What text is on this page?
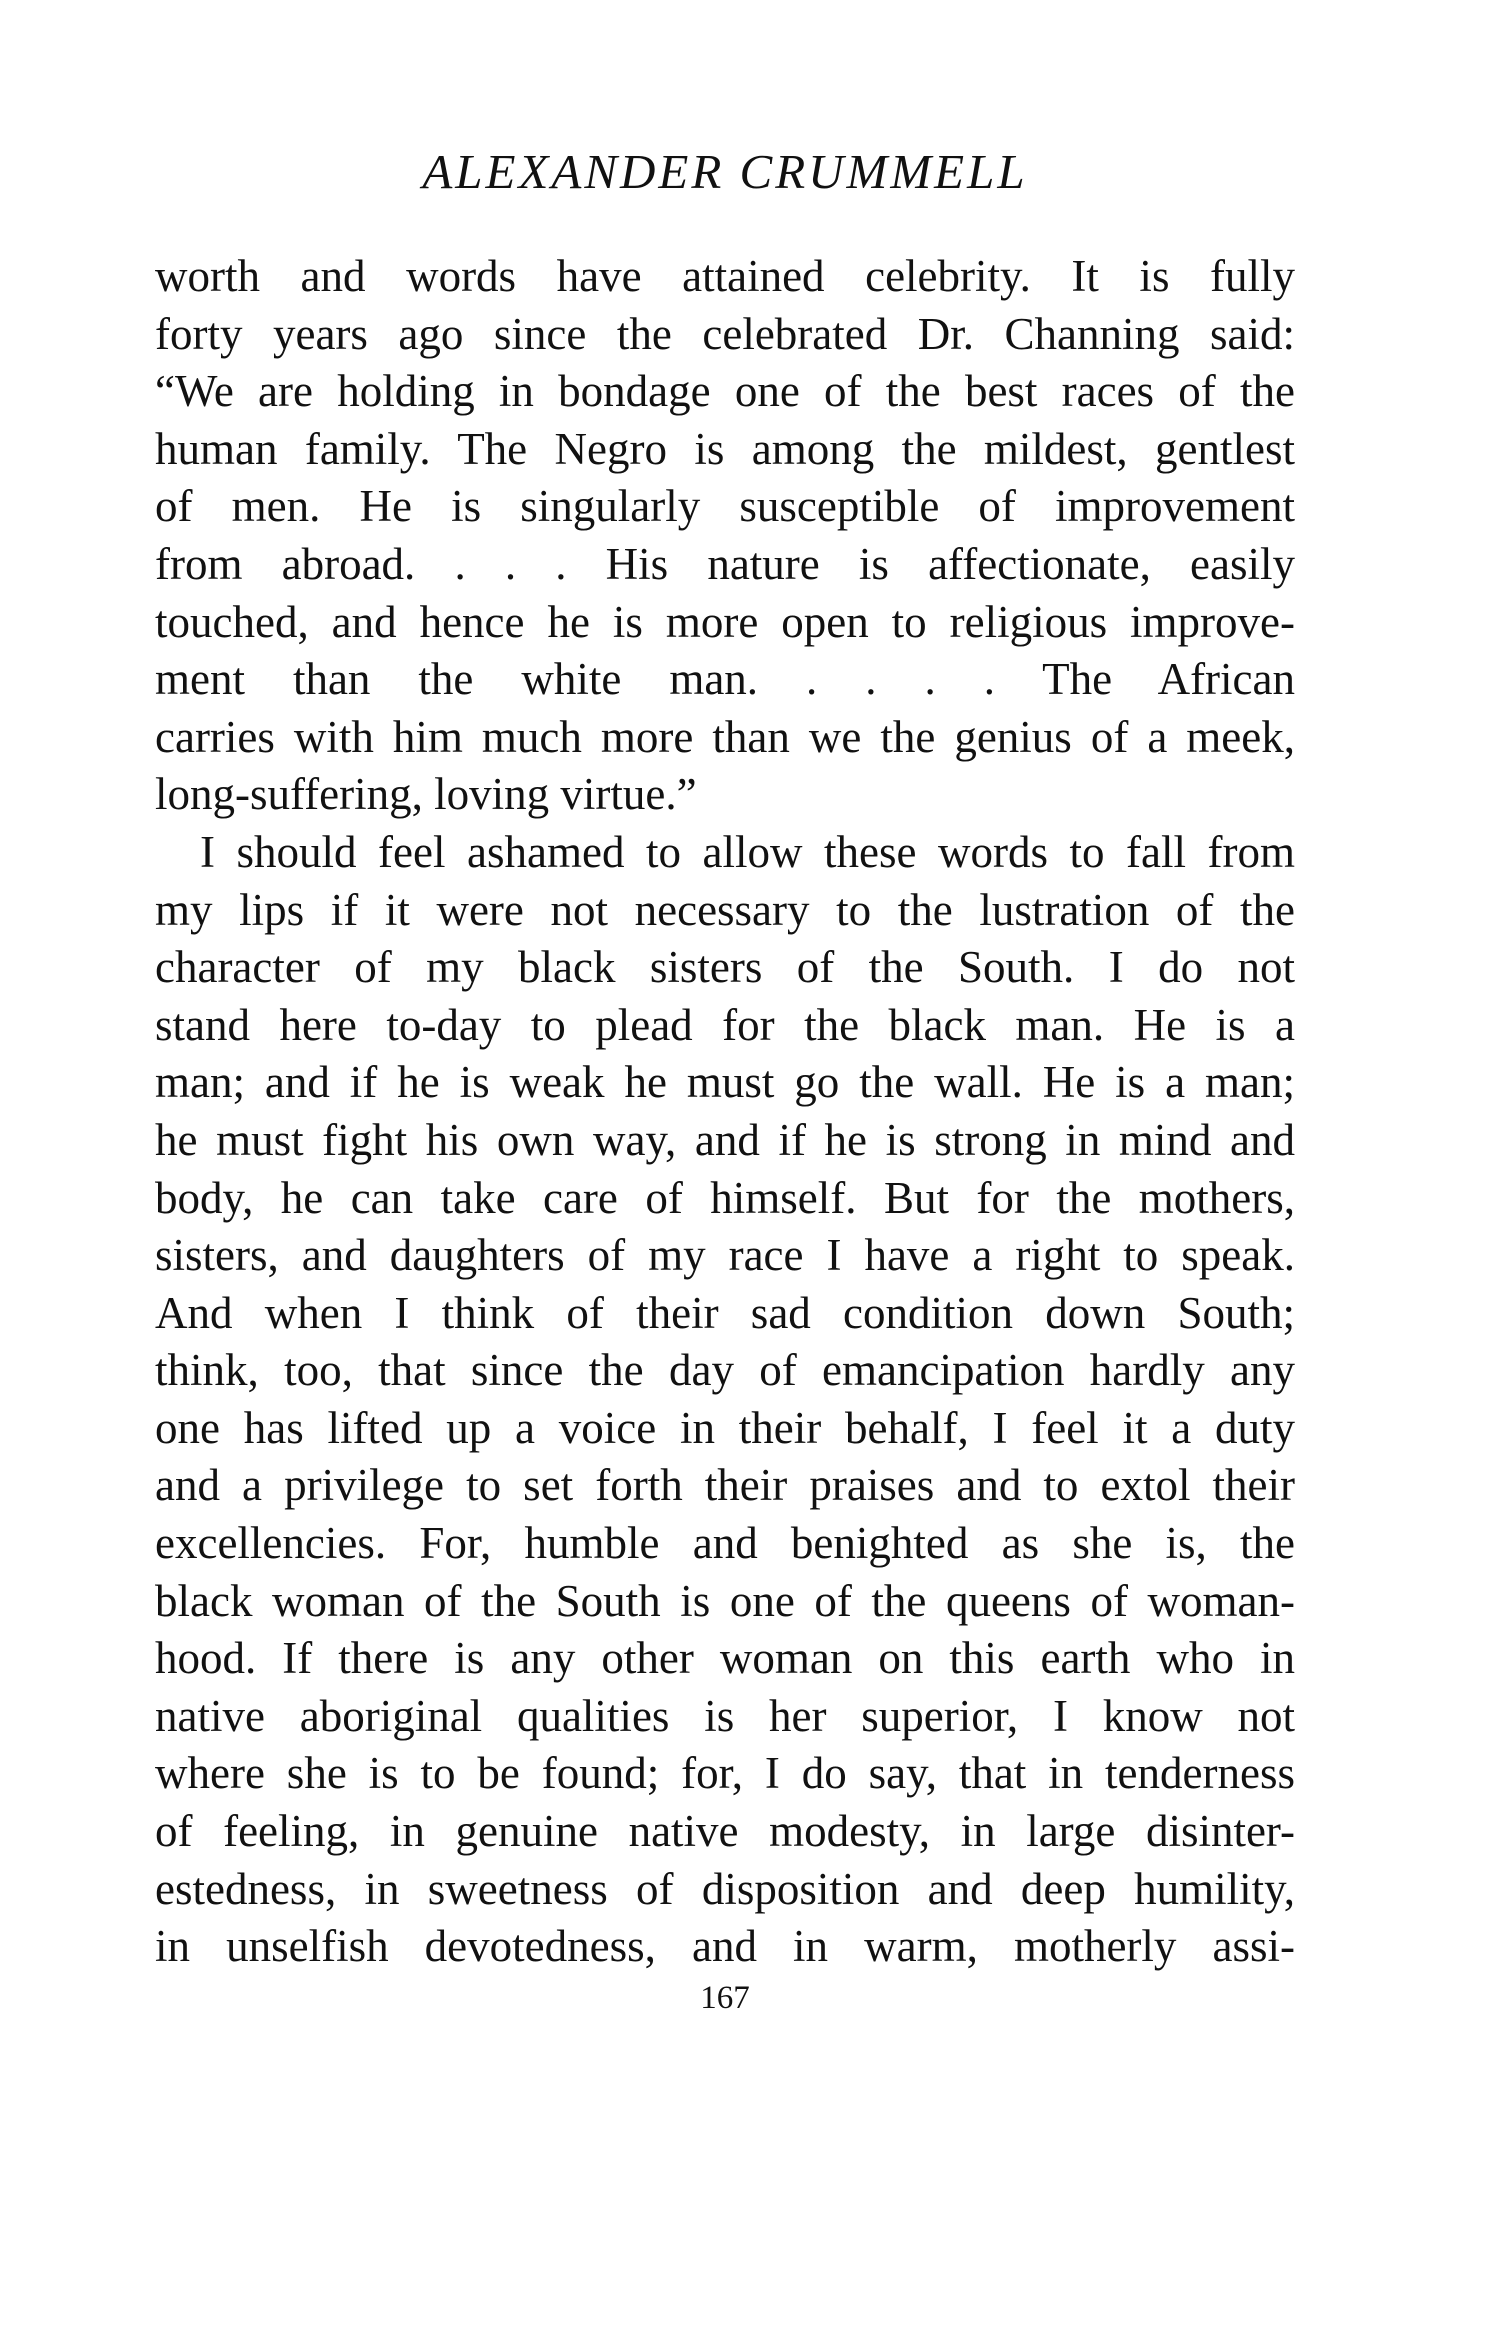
ALEXANDER CRUMMELL
worth and words have attained celebrity. It is fully
forty years ago since the celebrated Dr. Channing said:
“We are holding in bondage one of the best races of the
human family. The Negro is among the mildest, gentlest
of men. He is singularly susceptible of improvement
from abroad. . . . His nature is affectionate, easily
touched, and hence he is more open to religious improve-
ment than the white man. . . . . The African
carries with him much more than we the genius of a meek,
long-suffering, loving virtue.”
I should feel ashamed to allow these words to fall from
my lips if it were not necessary to the lustration of the
character of my black sisters of the South. I do not
stand here to-day to plead for the black man. He is a
man; and if he is weak he must go the wall. He is a man;
he must fight his own way, and if he is strong in mind and
body, he can take care of himself. But for the mothers,
sisters, and daughters of my race I have a right to speak.
And when I think of their sad condition down South;
think, too, that since the day of emancipation hardly any
one has lifted up a voice in their behalf, I feel it a duty
and a privilege to set forth their praises and to extol their
excellencies. For, humble and benighted as she is, the
black woman of the South is one of the queens of woman-
hood. If there is any other woman on this earth who in
native aboriginal qualities is her superior, I know not
where she is to be found; for, I do say, that in tenderness
of feeling, in genuine native modesty, in large disinter-
estedness, in sweetness of disposition and deep humility,
in unselfish devotedness, and in warm, motherly assi-
167
